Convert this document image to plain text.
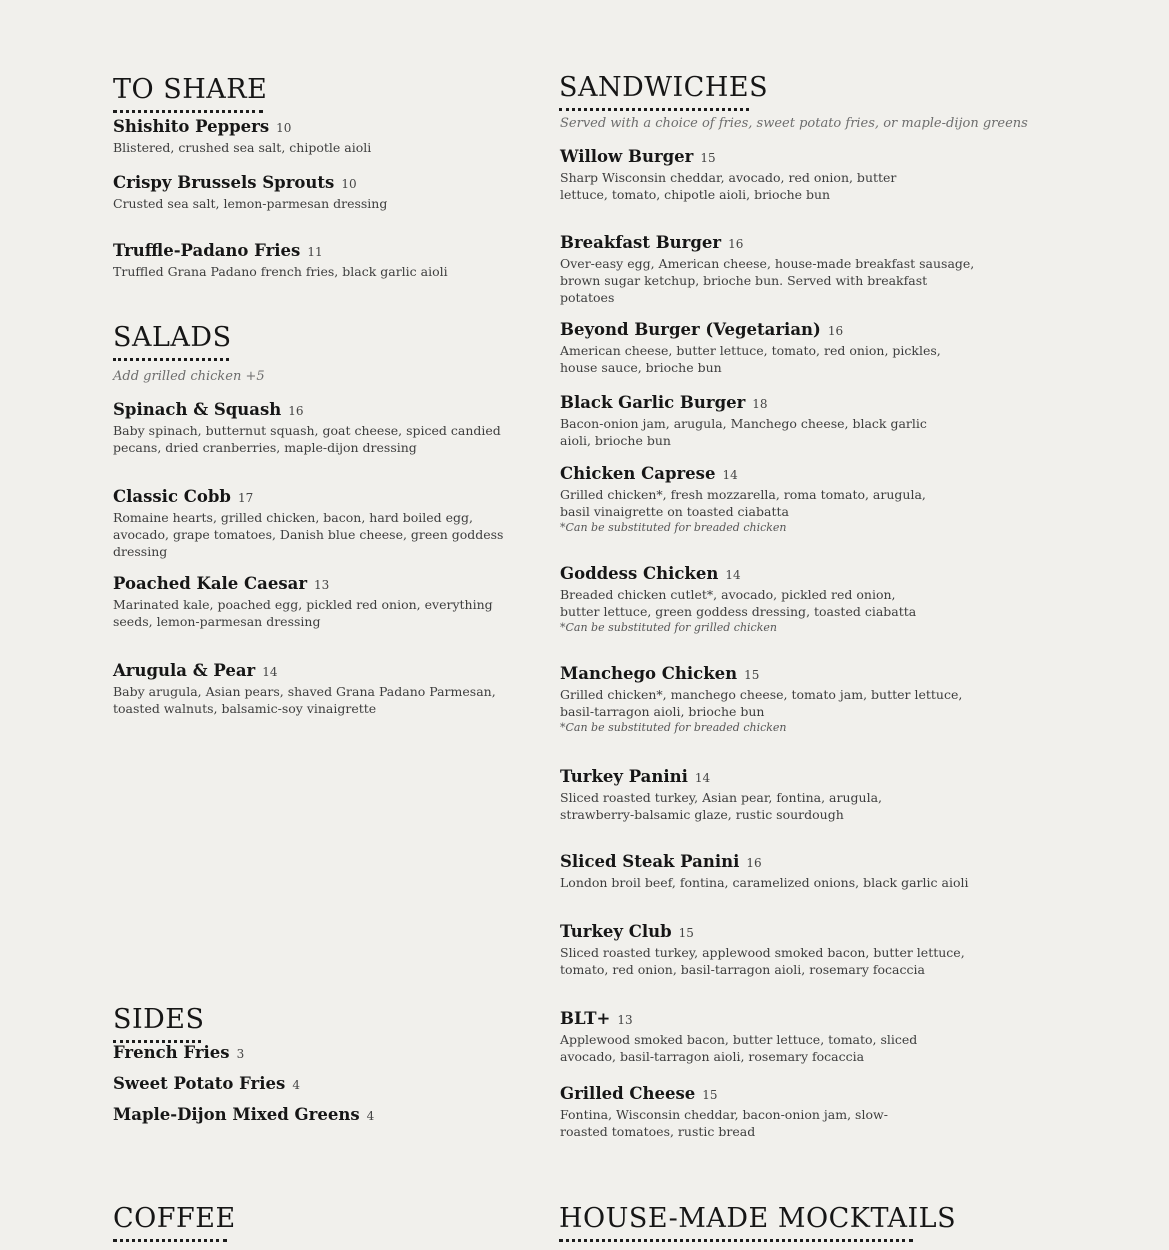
TO SHARE
Shishito Peppers 10
Blistered, crushed sea salt, chipotle aioli
Crispy Brussels Sprouts 10
Crusted sea salt, lemon-parmesan dressing
Truffle-Padano Fries 11
Truffled Grana Padano french fries, black garlic aioli
SALADS
Add grilled chicken +5
Spinach & Squash 16
Baby spinach, butternut squash, goat cheese, spiced candied pecans, dried cranberries, maple-dijon dressing
Classic Cobb 17
Romaine hearts, grilled chicken, bacon, hard boiled egg, avocado, grape tomatoes, Danish blue cheese, green goddess dressing
Poached Kale Caesar 13
Marinated kale, poached egg, pickled red onion, everything seeds, lemon-parmesan dressing
Arugula & Pear 14
Baby arugula, Asian pears, shaved Grana Padano Parmesan, toasted walnuts, balsamic-soy vinaigrette
SIDES
French Fries 3
Sweet Potato Fries 4
Maple-Dijon Mixed Greens 4
COFFEE
SANDWICHES
Served with a choice of fries, sweet potato fries, or maple-dijon greens
Willow Burger 15
Sharp Wisconsin cheddar, avocado, red onion, butter lettuce, tomato, chipotle aioli, brioche bun
Breakfast Burger 16
Over-easy egg, American cheese, house-made breakfast sausage, brown sugar ketchup, brioche bun. Served with breakfast potatoes
Beyond Burger (Vegetarian) 16
American cheese, butter lettuce, tomato, red onion, pickles, house sauce, brioche bun
Black Garlic Burger 18
Bacon-onion jam, arugula, Manchego cheese, black garlic aioli, brioche bun
Chicken Caprese 14
Grilled chicken*, fresh mozzarella, roma tomato, arugula, basil vinaigrette on toasted ciabatta
*Can be substituted for breaded chicken
Goddess Chicken 14
Breaded chicken cutlet*, avocado, pickled red onion, butter lettuce, green goddess dressing, toasted ciabatta
*Can be substituted for grilled chicken
Manchego Chicken 15
Grilled chicken*, manchego cheese, tomato jam, butter lettuce, basil-tarragon aioli, brioche bun
*Can be substituted for breaded chicken
Turkey Panini 14
Sliced roasted turkey, Asian pear, fontina, arugula, strawberry-balsamic glaze, rustic sourdough
Sliced Steak Panini 16
London broil beef, fontina, caramelized onions, black garlic aioli
Turkey Club 15
Sliced roasted turkey, applewood smoked bacon, butter lettuce, tomato, red onion, basil-tarragon aioli, rosemary focaccia
BLT+ 13
Applewood smoked bacon, butter lettuce, tomato, sliced avocado, basil-tarragon aioli, rosemary focaccia
Grilled Cheese 15
Fontina, Wisconsin cheddar, bacon-onion jam, slow-roasted tomatoes, rustic bread
HOUSE-MADE MOCKTAILS
